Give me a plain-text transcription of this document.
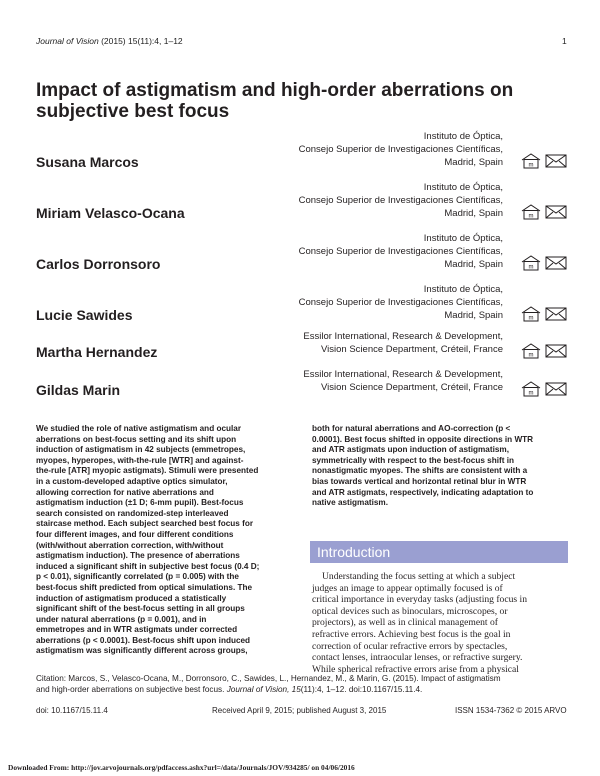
Journal of Vision (2015) 15(11):4, 1–12	1
Impact of astigmatism and high-order aberrations on subjective best focus
Susana Marcos
Instituto de Óptica,
Consejo Superior de Investigaciones Científicas,
Madrid, Spain	m
Miriam Velasco-Ocana
Instituto de Óptica,
Consejo Superior de Investigaciones Científicas,
Madrid, Spain	m
Carlos Dorronsoro
Instituto de Óptica,
Consejo Superior de Investigaciones Científicas,
Madrid, Spain	m
Lucie Sawides
Instituto de Óptica,
Consejo Superior de Investigaciones Científicas,
Madrid, Spain	m
Martha Hernandez
Essilor International, Research & Development,
Vision Science Department, Créteil, France
m
Gildas Marin
Essilor International, Research & Development,
Vision Science Department, Créteil, France
m
We studied the role of native astigmatism and ocular
aberrations on best-focus setting and its shift upon
induction of astigmatism in 42 subjects (emmetropes,
myopes, hyperopes, with-the-rule [WTR] and against-
the-rule [ATR] myopic astigmats). Stimuli were presented
in a custom-developed adaptive optics simulator,
allowing correction for native aberrations and
astigmatism induction (±1 D; 6-mm pupil). Best-focus
search consisted on randomized-step interleaved
staircase method. Each subject searched best focus for
four different images, and four different conditions
(with/without aberration correction, with/without
astigmatism induction). The presence of aberrations
induced a significant shift in subjective best focus (0.4 D;
p < 0.01), significantly correlated (p = 0.005) with the
best-focus shift predicted from optical simulations. The
induction of astigmatism produced a statistically
significant shift of the best-focus setting in all groups
under natural aberrations (p = 0.001), and in
emmetropes and in WTR astigmats under corrected
aberrations (p < 0.0001). Best-focus shift upon induced
astigmatism was significantly different across groups,
both for natural aberrations and AO-correction (p <
0.0001). Best focus shifted in opposite directions in WTR
and ATR astigmats upon induction of astigmatism,
symmetrically with respect to the best-focus shift in
nonastigmatic myopes. The shifts are consistent with a
bias towards vertical and horizontal retinal blur in WTR
and ATR astigmats, respectively, indicating adaptation to
native astigmatism.
Introduction
Understanding the focus setting at which a subject
judges an image to appear optimally focused is of
critical importance in everyday tasks (adjusting focus in
optical devices such as binoculars, microscopes, or
projectors), as well as in clinical management of
refractive errors. Achieving best focus is the goal in
correction of ocular refractive errors by spectacles,
contact lenses, intraocular lenses, or refractive surgery.
While spherical refractive errors arise from a physical
Citation: Marcos, S., Velasco-Ocana, M., Dorronsoro, C., Sawides, L., Hernandez, M., & Marin, G. (2015). Impact of astigmatism
and high-order aberrations on subjective best focus. Journal of Vision, 15(11):4, 1–12. doi:10.1167/15.11.4.
doi: 10.1167/15.11.4	Received April 9, 2015; published August 3, 2015	ISSN 1534-7362 © 2015 ARVO
Downloaded From: http://jov.arvojournals.org/pdfaccess.ashx?url=/data/Journals/JOV/934285/ on 04/06/2016
